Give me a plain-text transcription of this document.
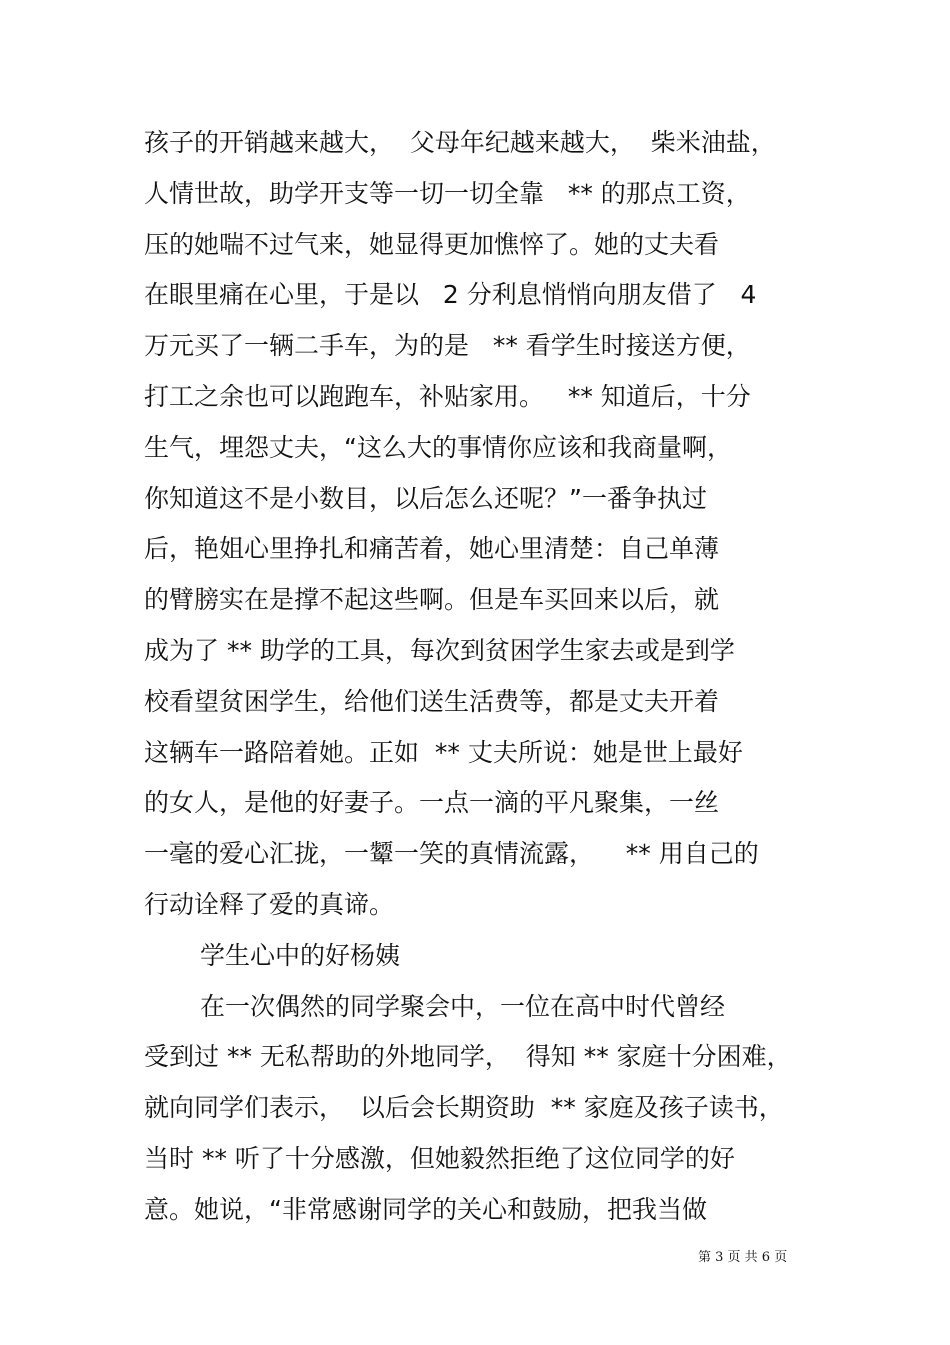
孩子的开销越来越大，  父母年纪越来越大，  柴米油盐，
人情世故，助学开支等一切一切全靠   ** 的那点工资，
压的她喘不过气来，她显得更加憔悴了。她的丈夫看
在眼里痛在心里，于是以   2 分利息悄悄向朋友借了   4
万元买了一辆二手车，为的是   ** 看学生时接送方便，
打工之余也可以跑跑车，补贴家用。   ** 知道后，十分
生气，埋怨丈夫，“这么大的事情你应该和我商量啊，
你知道这不是小数目，以后怎么还呢？”一番争执过
后，艳姐心里挣扎和痛苦着，她心里清楚：自己单薄
的臂膀实在是撑不起这些啊。但是车买回来以后，就
成为了 ** 助学的工具，每次到贫困学生家去或是到学
校看望贫困学生，给他们送生活费等，都是丈夫开着
这辆车一路陪着她。正如  ** 丈夫所说：她是世上最好
的女人，是他的好妻子。一点一滴的平凡聚集，一丝
一毫的爱心汇拢，一颦一笑的真情流露，    ** 用自己的
行动诠释了爱的真谛。
学生心中的好杨姨
在一次偶然的同学聚会中，一位在高中时代曾经
受到过 ** 无私帮助的外地同学，  得知 ** 家庭十分困难，
就向同学们表示，  以后会长期资助  ** 家庭及孩子读书，
当时 ** 听了十分感激，但她毅然拒绝了这位同学的好
意。她说，“非常感谢同学的关心和鼓励，把我当做
第 3 页 共 6 页
